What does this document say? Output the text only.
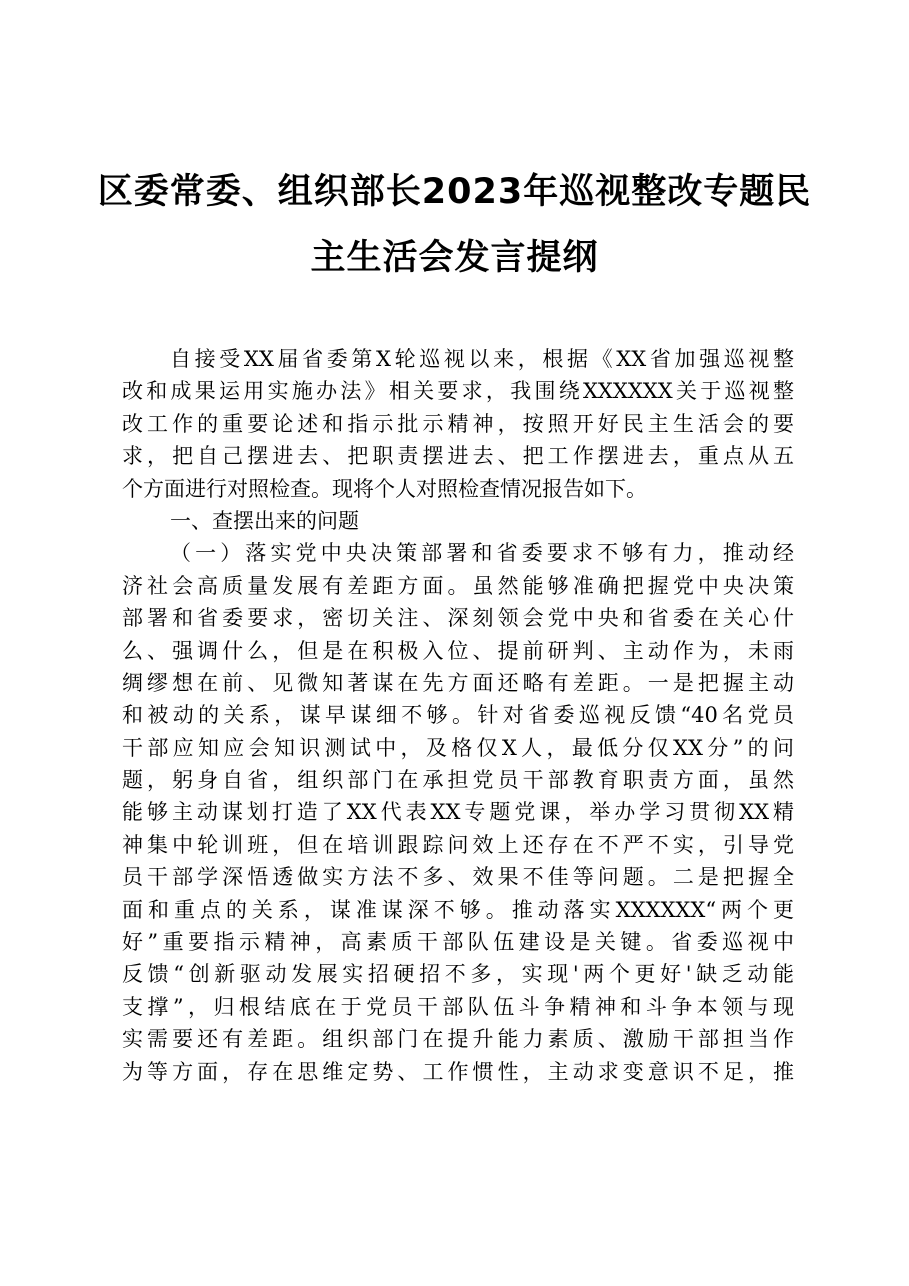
区委常委、组织部长2023年巡视整改专题民
主生活会发言提纲
自接受XX届省委第X轮巡视以来，根据《XX省加强巡视整
改和成果运用实施办法》相关要求，我围绕XXXXXX关于巡视整
改工作的重要论述和指示批示精神，按照开好民主生活会的要
求，把自己摆进去、把职责摆进去、把工作摆进去，重点从五
个方面进行对照检查。现将个人对照检查情况报告如下。
一、查摆出来的问题
（一）落实党中央决策部署和省委要求不够有力，推动经
济社会高质量发展有差距方面。虽然能够准确把握党中央决策
部署和省委要求，密切关注、深刻领会党中央和省委在关心什
么、强调什么，但是在积极入位、提前研判、主动作为，未雨
绸缪想在前、见微知著谋在先方面还略有差距。一是把握主动
和被动的关系，谋早谋细不够。针对省委巡视反馈“40名党员
干部应知应会知识测试中，及格仅X人，最低分仅XX分”的问
题，躬身自省，组织部门在承担党员干部教育职责方面，虽然
能够主动谋划打造了XX代表XX专题党课，举办学习贯彻XX精
神集中轮训班，但在培训跟踪问效上还存在不严不实，引导党
员干部学深悟透做实方法不多、效果不佳等问题。二是把握全
面和重点的关系，谋准谋深不够。推动落实XXXXXX“两个更
好”重要指示精神，高素质干部队伍建设是关键。省委巡视中
反馈“创新驱动发展实招硬招不多，实现'两个更好'缺乏动能
支撑”，归根结底在于党员干部队伍斗争精神和斗争本领与现
实需要还有差距。组织部门在提升能力素质、激励干部担当作
为等方面，存在思维定势、工作惯性，主动求变意识不足，推
